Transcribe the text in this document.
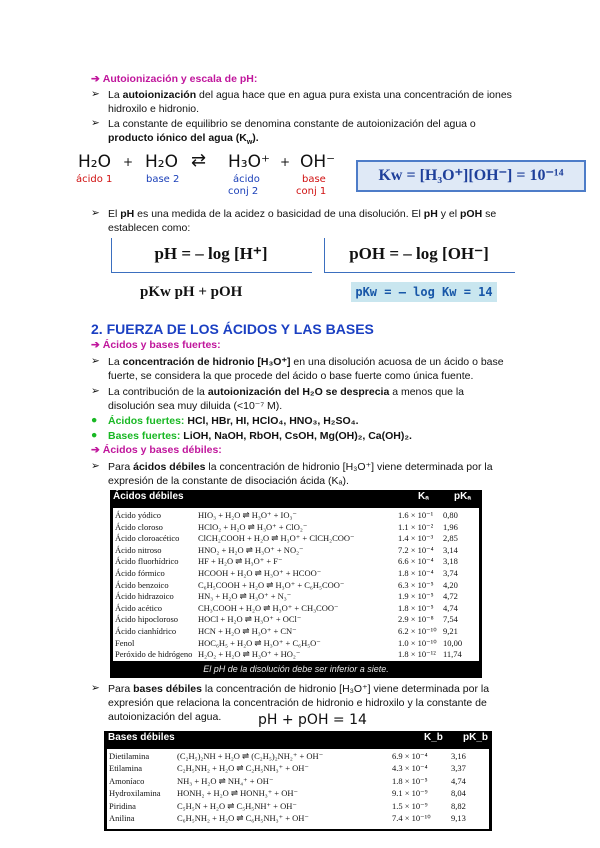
➔ Autoionización y escala de pH:
➢ La autoionización del agua hace que en agua pura exista una concentración de iones hidroxilo e hidronio.
➢ La constante de equilibrio se denomina constante de autoionización del agua o producto iónico del agua $(K_w)$.
H₂O + H₂O ⇄ H₃O⁺ + OH⁻
ácido 1	base 2	ácido
conj 2
base
conj 1
Kw = [H₃O⁺][OH⁻] = 10⁻¹⁴
➢ El pH es una medida de la acidez o basicidad de una disolución. El pH y el pOH se establecen como:
pH = – log [H⁺]	pOH = – log [OH⁻]
pKw pH + pOH	pKw = – log Kw = 14
2. FUERZA DE LOS ÁCIDOS Y LAS BASES
➔ Ácidos y bases fuertes:
➢ La concentración de hidronio [H₃O⁺] en una disolución acuosa de un ácido o base fuerte, se considera la que procede del ácido o base fuerte como única fuente.
➢ La contribución de la autoionización del H₂O se desprecia a menos que la disolución sea muy diluida (<10⁻⁷ M).
●	Ácidos fuertes: HCl, HBr, HI, HClO₄, HNO₃, H₂SO₄.
●	Bases fuertes: LiOH, NaOH, RbOH, CsOH, Mg(OH)₂, Ca(OH)₂.
➔ Ácidos y bases débiles:
➢ Para ácidos débiles la concentración de hidronio [H₃O⁺] viene determinada por la expresión de la constante de disociación ácida (Kₐ).
Ácidos débiles	Kₐ	pKₐ
Ácido yódico	HIO₃ + H₂O ⇌ H₃O⁺ + IO₃⁻	1.6 × 10⁻¹ 0,80
Ácido cloroso	HClO₂ + H₂O ⇌ H₃O⁺ + ClO₂⁻	1.1 × 10⁻² 1,96
Ácido cloroacético ClCH₂COOH + H₂O ⇌ H₃O⁺ + ClCH₂COO⁻	1.4 × 10⁻³ 2,85
Ácido nitroso	HNO₂ + H₂O ⇌ H₃O⁺ + NO₂⁻	7.2 × 10⁻⁴ 3,14
Ácido fluorhídrico HF + H₂O ⇌ H₃O⁺ + F⁻	6.6 × 10⁻⁴ 3,18
Ácido fórmico	HCOOH + H₂O ⇌ H₃O⁺ + HCOO⁻	1.8 × 10⁻⁴ 3,74
Ácido benzoico	C₆H₅COOH + H₂O ⇌ H₃O⁺ + C₆H₅COO⁻	6.3 × 10⁻⁵ 4,20
Ácido hidrazoico	HN₃ + H₂O ⇌ H₃O⁺ + N₃⁻	1.9 × 10⁻⁵ 4,72
Ácido acético	CH₃COOH + H₂O ⇌ H₃O⁺ + CH₃COO⁻	1.8 × 10⁻⁵ 4,74
Ácido hipocloroso HOCl + H₂O ⇌ H₃O⁺ + OCl⁻	2.9 × 10⁻⁸ 7,54
Ácido cianhídrico	HCN + H₂O ⇌ H₃O⁺ + CN⁻	6.2 × 10⁻¹⁰ 9,21
Fenol	HOC₆H₅ + H₂O ⇌ H₃O⁺ + C₆H₅O⁻	1.0 × 10⁻¹⁰ 10,00
Peróxido de hidrógeno H₂O₂ + H₂O ⇌ H₃O⁺ + HO₂⁻	1.8 × 10⁻¹² 11,74
El pH de la disolución debe ser inferior a siete.
➢ Para bases débiles la concentración de hidronio [H₃O⁺] viene determinada por la expresión que relaciona la concentración de hidronio e hidroxilo y la constante de autoionización del agua.	pH + pOH = 14
Bases débiles	K_b pK_b
Dietilamina	(C₂H₅)₂NH + H₂O ⇌ (C₂H₅)₂NH₂⁺ + OH⁻	6.9 × 10⁻⁴	3,16
Etilamina	C₂H₅NH₂ + H₂O ⇌ C₂H₅NH₃⁺ + OH⁻	4.3 × 10⁻⁴	3,37
Amoníaco	NH₃ + H₂O ⇌ NH₄⁺ + OH⁻	1.8 × 10⁻⁵	4,74
Hydroxilamina HONH₂ + H₂O ⇌ HONH₃⁺ + OH⁻	9.1 × 10⁻⁹	8,04
Piridina	C₅H₅N + H₂O ⇌ C₅H₅NH⁺ + OH⁻	1.5 × 10⁻⁹	8,82
Anilina	C₆H₅NH₂ + H₂O ⇌ C₆H₅NH₃⁺ + OH⁻	7.4 × 10⁻¹⁰ 9,13
